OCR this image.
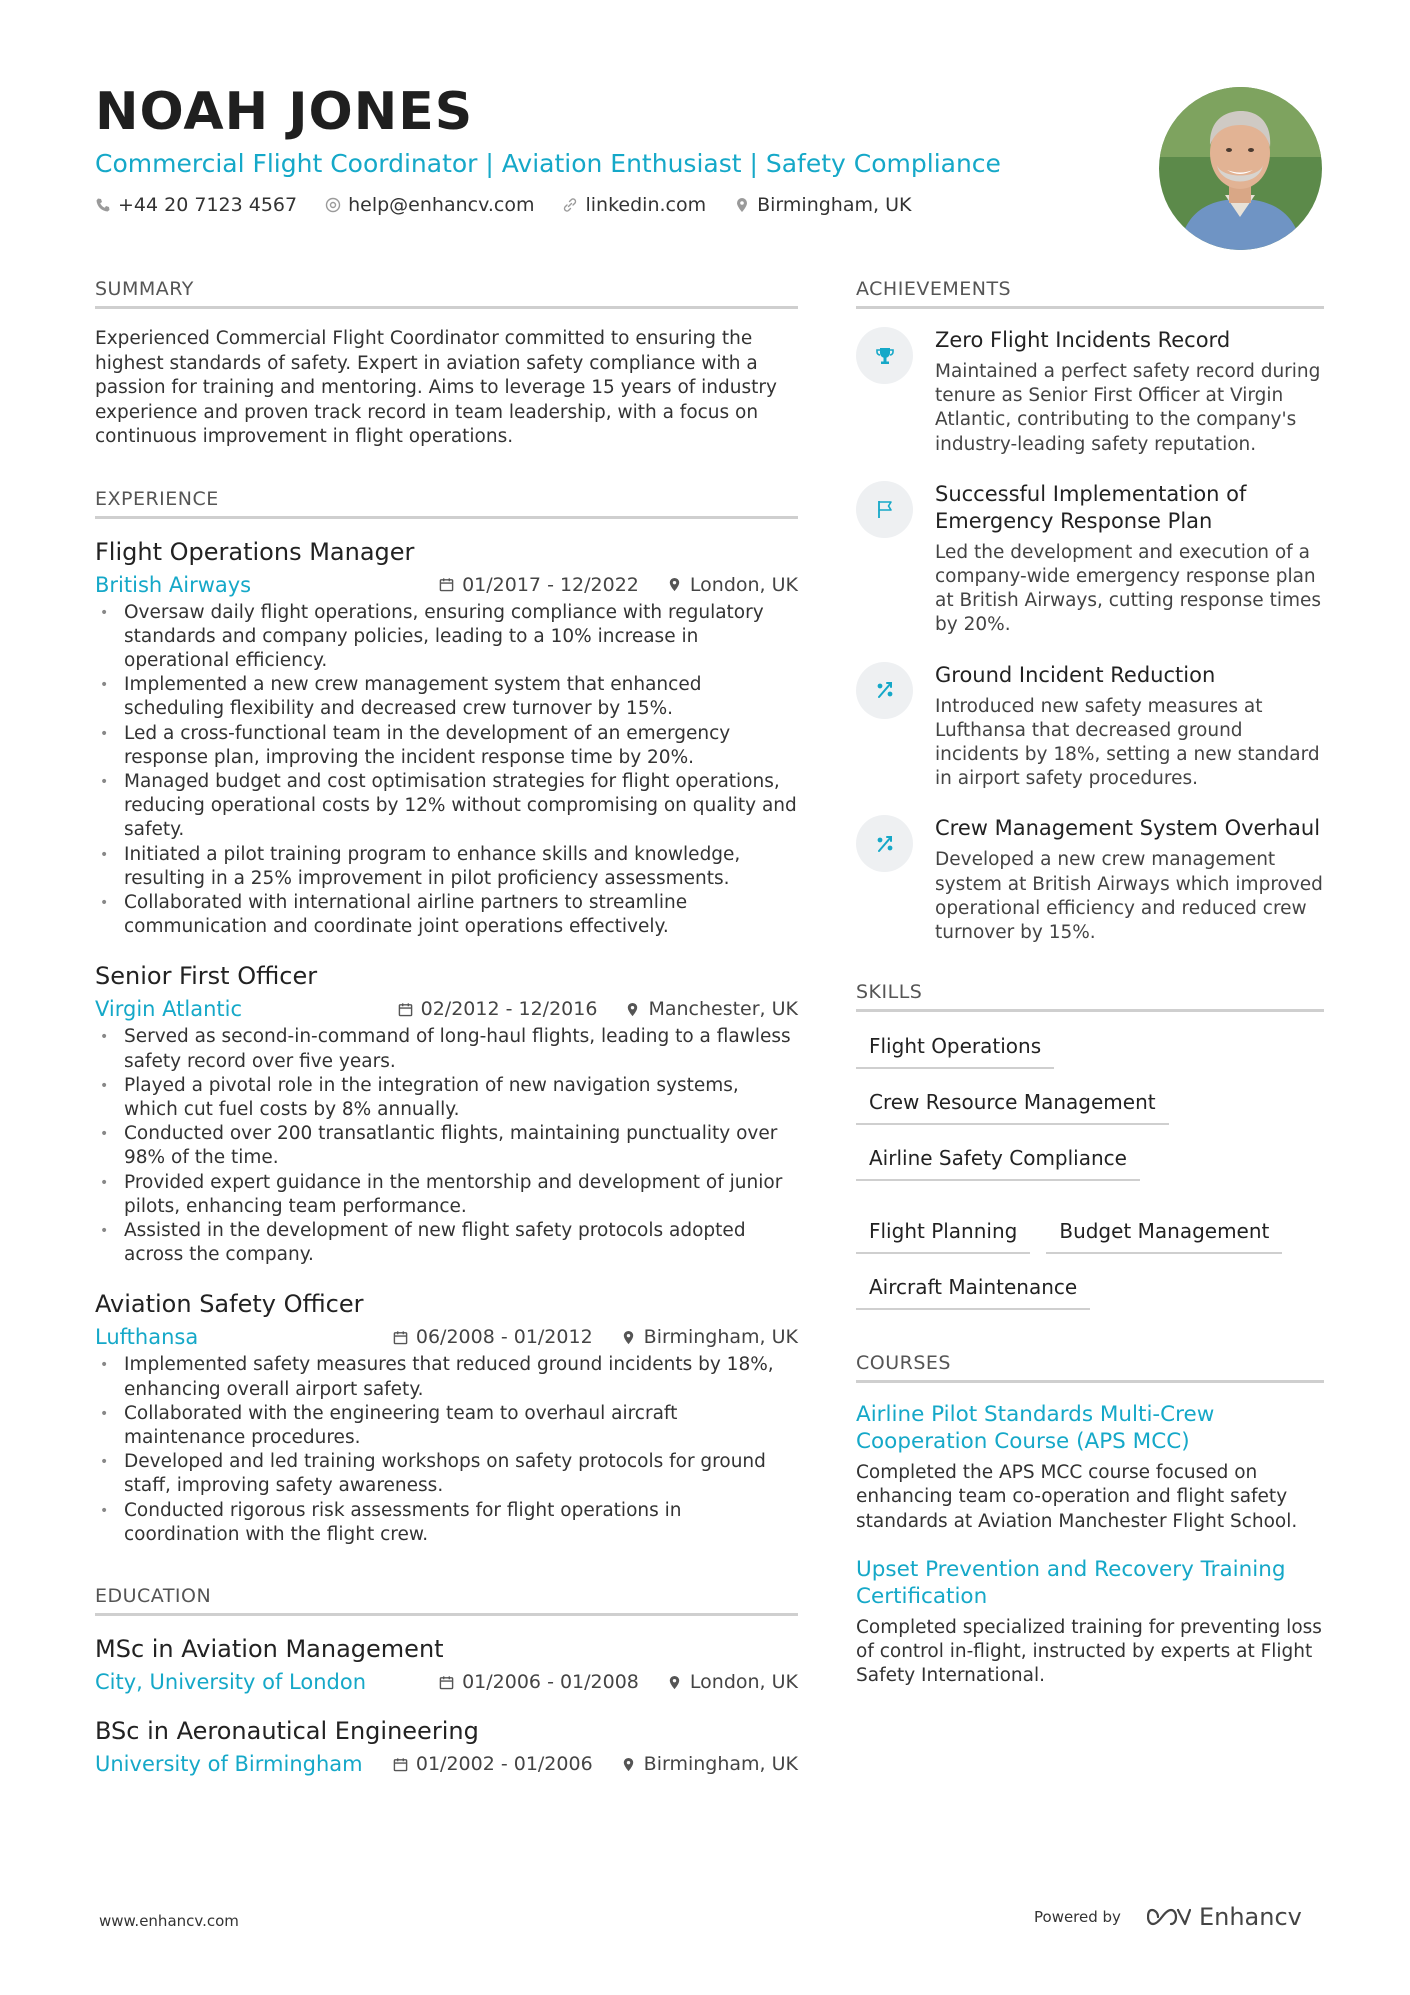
NOAH JONES
Commercial Flight Coordinator | Aviation Enthusiast | Safety Compliance
+44 20 7123 4567	help@enhancv.com	linkedin.com	Birmingham, UK
SUMMARY

Experienced Commercial Flight Coordinator committed to ensuring the highest standards of safety. Expert in aviation safety compliance with a passion for training and mentoring. Aims to leverage 15 years of industry experience and proven track record in team leadership, with a focus on continuous improvement in flight operations.

EXPERIENCE
Flight Operations Manager
British Airways	01/2017 - 12/2022	London, UK
• Oversaw daily flight operations, ensuring compliance with regulatory standards and company policies, leading to a 10% increase in operational efficiency.
• Implemented a new crew management system that enhanced scheduling flexibility and decreased crew turnover by 15%.
• Led a cross-functional team in the development of an emergency response plan, improving the incident response time by 20%.
• Managed budget and cost optimisation strategies for flight operations, reducing operational costs by 12% without compromising on quality and safety.
• Initiated a pilot training program to enhance skills and knowledge, resulting in a 25% improvement in pilot proficiency assessments.
• Collaborated with international airline partners to streamline communication and coordinate joint operations effectively.
Senior First Officer
Virgin Atlantic	02/2012 - 12/2016	Manchester, UK
• Served as second-in-command of long-haul flights, leading to a flawless safety record over five years.
• Played a pivotal role in the integration of new navigation systems, which cut fuel costs by 8% annually.
• Conducted over 200 transatlantic flights, maintaining punctuality over 98% of the time.
• Provided expert guidance in the mentorship and development of junior pilots, enhancing team performance.
• Assisted in the development of new flight safety protocols adopted across the company.
Aviation Safety Officer
Lufthansa	06/2008 - 01/2012	Birmingham, UK
• Implemented safety measures that reduced ground incidents by 18%, enhancing overall airport safety.
• Collaborated with the engineering team to overhaul aircraft maintenance procedures.
• Developed and led training workshops on safety protocols for ground staff, improving safety awareness.
• Conducted rigorous risk assessments for flight operations in coordination with the flight crew.
EDUCATION
MSc in Aviation Management
City, University of London	01/2006 - 01/2008	London, UK
BSc in Aeronautical Engineering
University of Birmingham	01/2002 - 01/2006	Birmingham, UK
ACHIEVEMENTS
Zero Flight Incidents Record
Maintained a perfect safety record during tenure as Senior First Officer at Virgin Atlantic, contributing to the company's industry-leading safety reputation.
Successful Implementation of Emergency Response Plan
Led the development and execution of a company-wide emergency response plan at British Airways, cutting response times by 20%.
Ground Incident Reduction
Introduced new safety measures at Lufthansa that decreased ground incidents by 18%, setting a new standard in airport safety procedures.
Crew Management System Overhaul
Developed a new crew management system at British Airways which improved operational efficiency and reduced crew turnover by 15%.
SKILLS
Flight Operations
Crew Resource Management
Airline Safety Compliance
Flight Planning	Budget Management
Aircraft Maintenance
COURSES
Airline Pilot Standards Multi-Crew Cooperation Course (APS MCC)
Completed the APS MCC course focused on enhancing team co-operation and flight safety standards at Aviation Manchester Flight School.
Upset Prevention and Recovery Training Certification
Completed specialized training for preventing loss of control in-flight, instructed by experts at Flight Safety International.
www.enhancv.com	Powered by	Enhancv
